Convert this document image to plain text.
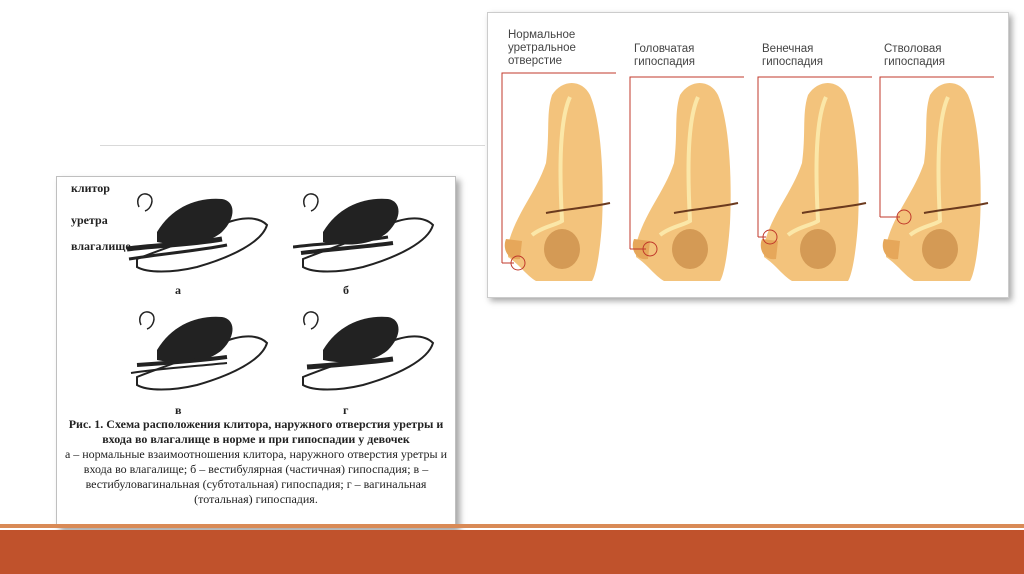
клитор
уретра
влагалище
а	б
в	г
Рис. 1. Схема расположения клитора, наружного отверстия уретры и входа во влагалище в норме и при гипоспадии у девочек
а – нормальные взаимоотношения клитора, наружного отверстия уретры и входа во влагалище; б – вестибулярная (частичная) гипоспадия; в – вестибуловагинальная (субтотальная) гипоспадия; г – вагинальная (тотальная) гипоспадия.
Нормальное
уретральное
отверстие
Головчатая
гипоспадия
Венечная
гипоспадия
Стволовая
гипоспадия
